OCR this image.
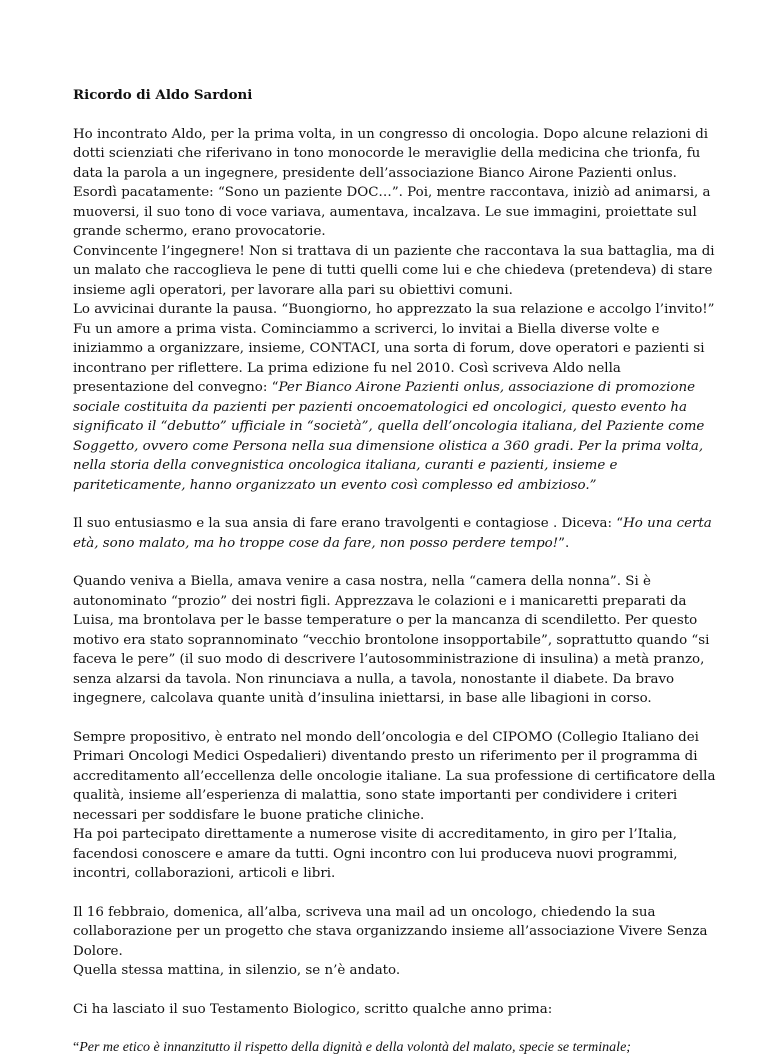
Ricordo di Aldo Sardoni
Ho incontrato Aldo, per la prima volta, in un congresso di oncologia. Dopo alcune relazioni di
dotti scienziati che riferivano in tono monocorde le meraviglie della medicina che trionfa, fu
data la parola a un ingegnere, presidente dell’associazione Bianco Airone Pazienti onlus.
Esordì pacatamente: “Sono un paziente DOC…”. Poi, mentre raccontava, iniziò ad animarsi, a
muoversi, il suo tono di voce variava, aumentava, incalzava. Le sue immagini, proiettate sul
grande schermo, erano provocatorie.
Convincente l’ingegnere! Non si trattava di un paziente che raccontava la sua battaglia, ma di
un malato che raccoglieva le pene di tutti quelli come lui e che chiedeva (pretendeva) di stare
insieme agli operatori, per lavorare alla pari su obiettivi comuni.
Lo avvicinai durante la pausa. “Buongiorno, ho apprezzato la sua relazione e accolgo l’invito!”
Fu un amore a prima vista. Cominciammo a scriverci, lo invitai a Biella diverse volte e
iniziammo a organizzare, insieme, CONTACI, una sorta di forum, dove operatori e pazienti si
incontrano per riflettere. La prima edizione fu nel 2010. Così scriveva Aldo nella
presentazione del convegno: “Per Bianco Airone Pazienti onlus, associazione di promozione
sociale costituita da pazienti per pazienti oncoematologici ed oncologici, questo evento ha
significato il “debutto” ufficiale in “società”, quella dell’oncologia italiana, del Paziente come
Soggetto, ovvero come Persona nella sua dimensione olistica a 360 gradi. Per la prima volta,
nella storia della convegnistica oncologica italiana, curanti e pazienti, insieme e
pariteticamente, hanno organizzato un evento così complesso ed ambizioso.”
Il suo entusiasmo e la sua ansia di fare erano travolgenti e contagiose . Diceva: “Ho una certa
età, sono malato, ma ho troppe cose da fare, non posso perdere tempo!”.
Quando veniva a Biella, amava venire a casa nostra, nella “camera della nonna”. Si è
autonominato “prozio” dei nostri figli. Apprezzava le colazioni e i manicaretti preparati da
Luisa, ma brontolava per le basse temperature o per la mancanza di scendiletto. Per questo
motivo era stato soprannominato “vecchio brontolone insopportabile”, soprattutto quando “si
faceva le pere” (il suo modo di descrivere l’autosomministrazione di insulina) a metà pranzo,
senza alzarsi da tavola. Non rinunciava a nulla, a tavola, nonostante il diabete. Da bravo
ingegnere, calcolava quante unità d’insulina iniettarsi, in base alle libagioni in corso.
Sempre propositivo, è entrato nel mondo dell’oncologia e del CIPOMO (Collegio Italiano dei
Primari Oncologi Medici Ospedalieri) diventando presto un riferimento per il programma di
accreditamento all’eccellenza delle oncologie italiane. La sua professione di certificatore della
qualità, insieme all’esperienza di malattia, sono state importanti per condividere i criteri
necessari per soddisfare le buone pratiche cliniche.
Ha poi partecipato direttamente a numerose visite di accreditamento, in giro per l’Italia,
facendosi conoscere e amare da tutti. Ogni incontro con lui produceva nuovi programmi,
incontri, collaborazioni, articoli e libri.
Il 16 febbraio, domenica, all’alba, scriveva una mail ad un oncologo, chiedendo la sua
collaborazione per un progetto che stava organizzando insieme all’associazione Vivere Senza
Dolore.
Quella stessa mattina, in silenzio, se n’è andato.
Ci ha lasciato il suo Testamento Biologico, scritto qualche anno prima:
“Per me etico è innanzitutto il rispetto della dignità e della volontà del malato, specie se terminale;
